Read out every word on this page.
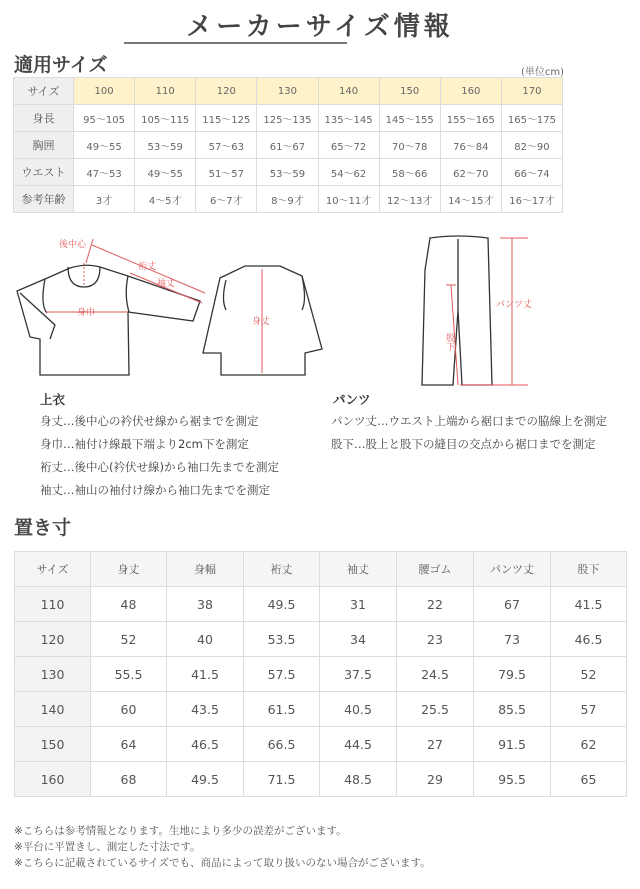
メーカーサイズ情報
適用サイズ	(単位cm)
サイズ	100	110	120	130	140	150	160	170
身長	95〜105	105〜115	115〜125	125〜135	135〜145	145〜155	155〜165	165〜175
胸囲	49〜55	53〜59	57〜63	61〜67	65〜72	70〜78	76〜84	82〜90
ウエスト	47〜53	49〜55	51〜57	53〜59	54〜62	58〜66	62〜70	66〜74
参考年齢	3才	4〜5才	6〜7才	8〜9才	10〜11才	12〜13才	14〜15才	16〜17才
後中心
裄丈
袖丈
身巾
身丈
パンツ丈
股下
上衣
身丈…後中心の衿伏せ線から裾までを測定
身巾…袖付け線最下端より2cm下を測定
裄丈…後中心(衿伏せ線)から袖口先までを測定
袖丈…袖山の袖付け線から袖口先までを測定
パンツ
パンツ丈…ウエスト上端から裾口までの脇線上を測定
股下…股上と股下の縫目の交点から裾口までを測定
置き寸
サイズ	身丈	身幅	裄丈	袖丈	腰ゴム	パンツ丈	股下
110	48	38	49.5	31	22	67	41.5
120	52	40	53.5	34	23	73	46.5
130	55.5	41.5	57.5	37.5	24.5	79.5	52
140	60	43.5	61.5	40.5	25.5	85.5	57
150	64	46.5	66.5	44.5	27	91.5	62
160	68	49.5	71.5	48.5	29	95.5	65
※こちらは参考情報となります。生地により多少の誤差がございます。
※平台に平置きし、測定した寸法です。
※こちらに記載されているサイズでも、商品によって取り扱いのない場合がございます。
